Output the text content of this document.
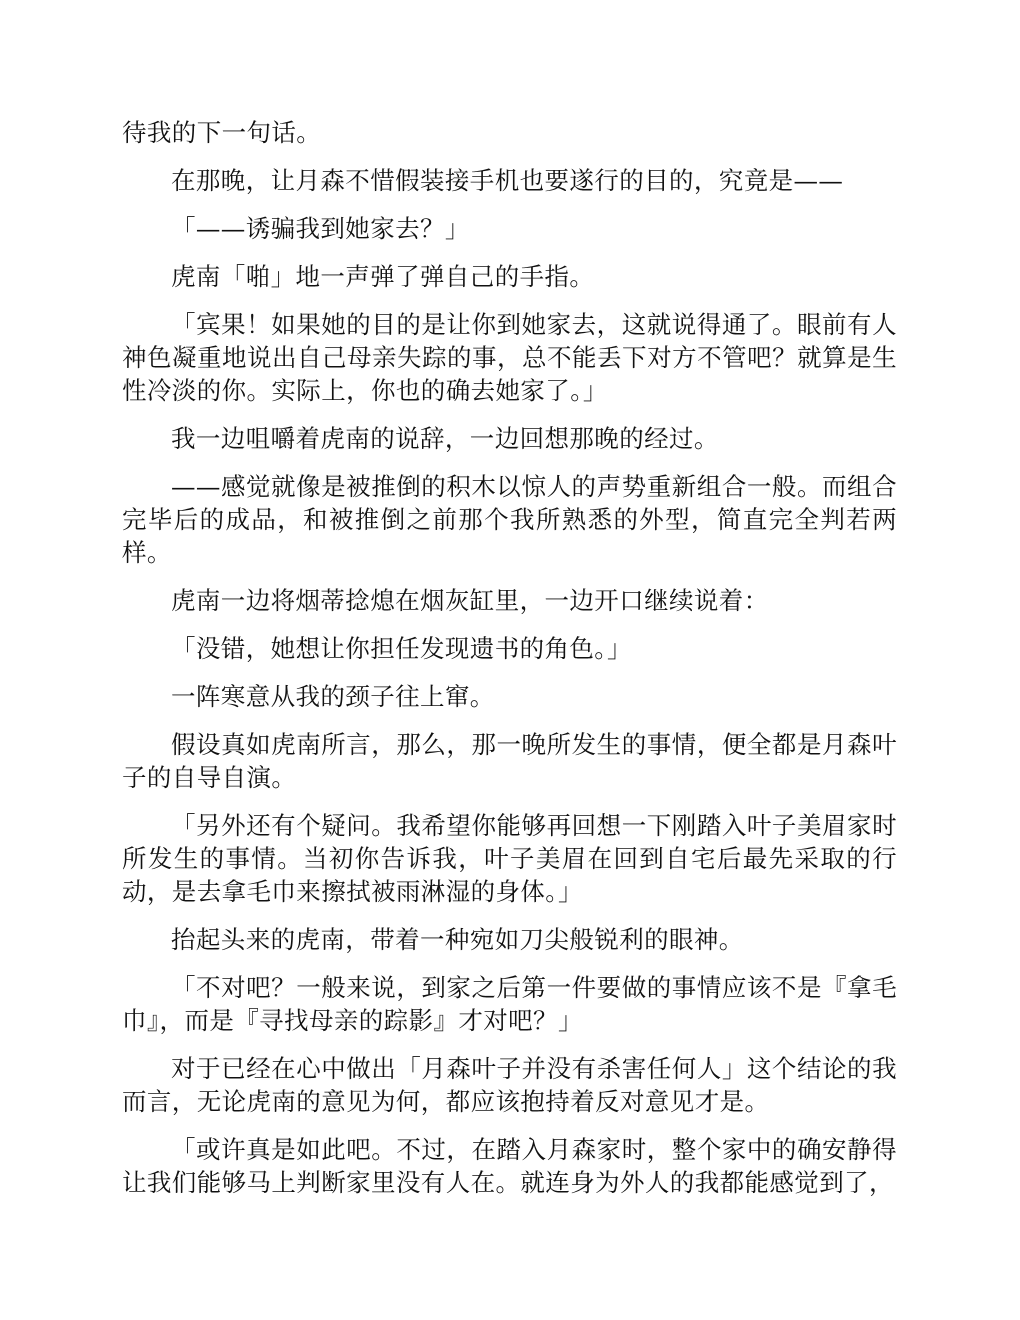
待我的下一句话。

在那晚，让月森不惜假装接手机也要遂行的目的，究竟是——

「——诱骗我到她家去？」

虎南「啪」地一声弹了弹自己的手指。

「宾果！如果她的目的是让你到她家去，这就说得通了。眼前有人神色凝重地说出自己母亲失踪的事，总不能丢下对方不管吧？就算是生性冷淡的你。实际上，你也的确去她家了。」

我一边咀嚼着虎南的说辞，一边回想那晚的经过。

——感觉就像是被推倒的积木以惊人的声势重新组合一般。而组合完毕后的成品，和被推倒之前那个我所熟悉的外型，简直完全判若两样。

虎南一边将烟蒂捻熄在烟灰缸里，一边开口继续说着：

「没错，她想让你担任发现遗书的角色。」

一阵寒意从我的颈子往上窜。

假设真如虎南所言，那么，那一晚所发生的事情，便全都是月森叶子的自导自演。

「另外还有个疑问。我希望你能够再回想一下刚踏入叶子美眉家时所发生的事情。当初你告诉我，叶子美眉在回到自宅后最先采取的行动，是去拿毛巾来擦拭被雨淋湿的身体。」

抬起头来的虎南，带着一种宛如刀尖般锐利的眼神。

「不对吧？一般来说，到家之后第一件要做的事情应该不是『拿毛巾』，而是『寻找母亲的踪影』才对吧？」

对于已经在心中做出「月森叶子并没有杀害任何人」这个结论的我而言，无论虎南的意见为何，都应该抱持着反对意见才是。

「或许真是如此吧。不过，在踏入月森家时，整个家中的确安静得让我们能够马上判断家里没有人在。就连身为外人的我都能感觉到了，
